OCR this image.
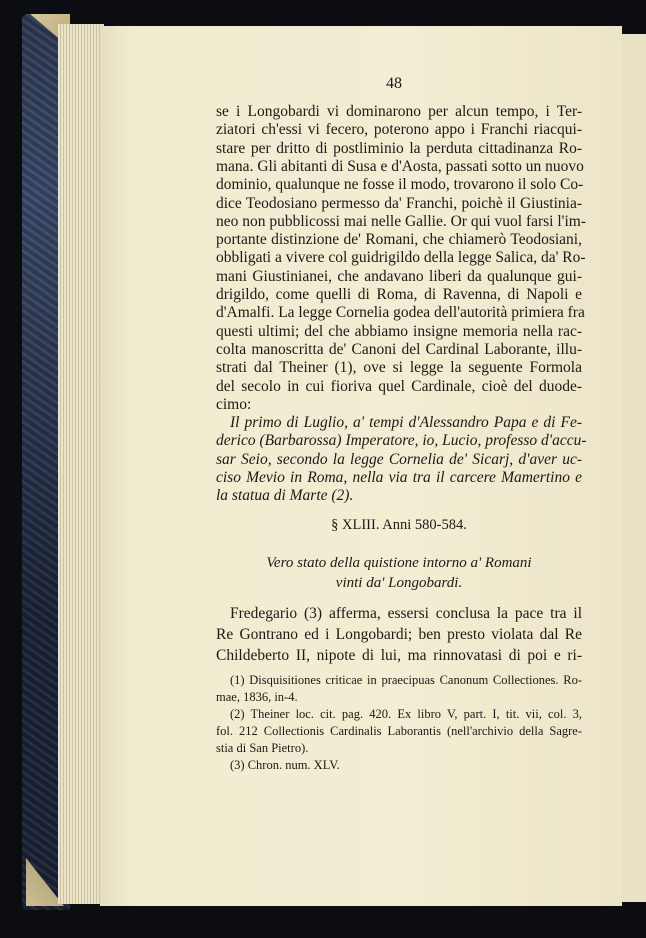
48
se i Longobardi vi dominarono per alcun tempo, i Ter-
ziatori ch'essi vi fecero, poterono appo i Franchi riacqui-
stare per dritto di postliminio la perduta cittadinanza Ro-
mana. Gli abitanti di Susa e d'Aosta, passati sotto un nuovo
dominio, qualunque ne fosse il modo, trovarono il solo Co-
dice Teodosiano permesso da' Franchi, poichè il Giustinia-
neo non pubblicossi mai nelle Gallie. Or qui vuol farsi l'im-
portante distinzione de' Romani, che chiamerò Teodosiani,
obbligati a vivere col guidrigildo della legge Salica, da' Ro-
mani Giustinianei, che andavano liberi da qualunque gui-
drigildo, come quelli di Roma, di Ravenna, di Napoli e
d'Amalfi. La legge Cornelia godea dell'autorità primiera fra
questi ultimi; del che abbiamo insigne memoria nella rac-
colta manoscritta de' Canoni del Cardinal Laborante, illu-
strati dal Theiner (1), ove si legge la seguente Formola
del secolo in cui fioriva quel Cardinale, cioè del duode-
cimo:
Il primo di Luglio, a' tempi d'Alessandro Papa e di Fe-
derico (Barbarossa) Imperatore, io, Lucio, professo d'accu-
sar Seio, secondo la legge Cornelia de' Sicarj, d'aver uc-
ciso Mevio in Roma, nella via tra il carcere Mamertino e
la statua di Marte (2).
§ XLIII. Anni 580-584.
Vero stato della quistione intorno a' Romani
vinti da' Longobardi.
Fredegario (3) afferma, essersi conclusa la pace tra il
Re Gontrano ed i Longobardi; ben presto violata dal Re
Childeberto II, nipote di lui, ma rinnovatasi di poi e ri-
(1) Disquisitiones criticae in praecipuas Canonum Collectiones. Ro-
mae, 1836, in-4.
(2) Theiner loc. cit. pag. 420. Ex libro V, part. I, tit. vii, col. 3,
fol. 212 Collectionis Cardinalis Laborantis (nell'archivio della Sagre-
stia di San Pietro).
(3) Chron. num. XLV.
